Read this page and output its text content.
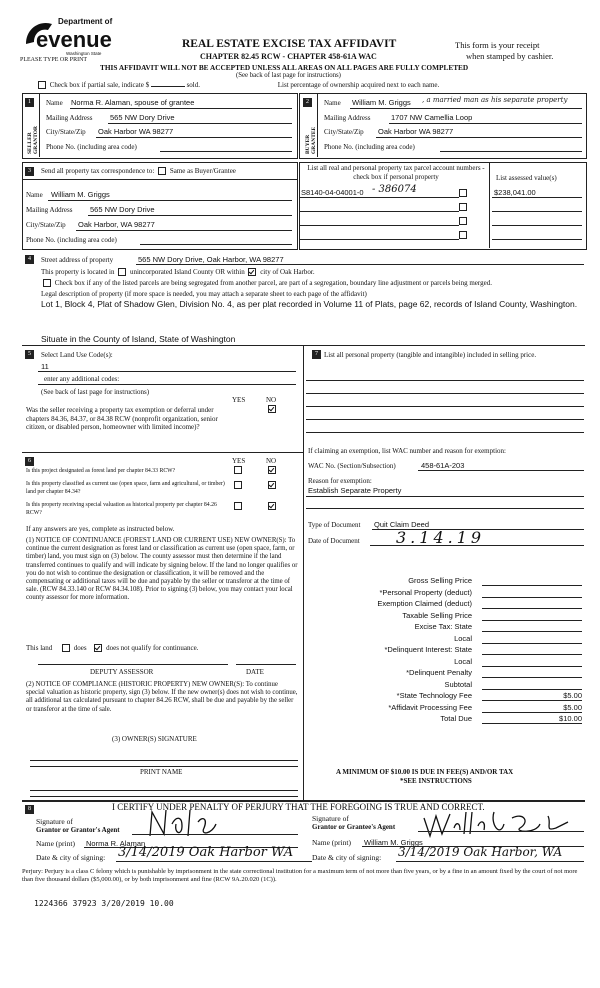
Department of
evenue
Washington State
PLEASE TYPE OR PRINT
REAL ESTATE EXCISE TAX AFFIDAVIT
CHAPTER 82.45 RCW - CHAPTER 458-61A WAC
This form is your receipt
when stamped by cashier.
THIS AFFIDAVIT WILL NOT BE ACCEPTED UNLESS ALL AREAS ON ALL PAGES ARE FULLY COMPLETED
(See back of last page for instructions)
Check box if partial sale, indicate $	sold.	List percentage of ownership acquired next to each name.
1
SELLER GRANTOR
Name Norma R. Alaman, spouse of grantee
Mailing Address 565 NW Dory Drive
City/State/Zip Oak Harbor WA 98277
Phone No. (including area code)
2
BUYER GRANTEE
Name William M. Griggs , a married man as his separate property
Mailing Address	1707 NW Camellia Loop
City/State/Zip Oak Harbor WA 98277
Phone No. (including area code)
3	Send all property tax correspondence to: Same as Buyer/Grantee
Name William M. Griggs
Mailing Address 565 NW Dory Drive
City/State/Zip Oak Harbor, WA 98277
Phone No. (including area code)
List all real and personal property tax parcel account numbers - check box if personal property	List assessed value(s)
S8140-04-04001-0 - 386074	$238,041.00
4	Street address of property	565 NW Dory Drive, Oak Harbor, WA 98277
This property is located in unincorporated Island County OR within city of Oak Harbor.
Check box if any of the listed parcels are being segregated from another parcel, are part of a segregation, boundary line adjustment or parcels being merged.
Legal description of property (if more space is needed, you may attach a separate sheet to each page of the affidavit)
Lot 1, Block 4, Plat of Shadow Glen, Division No. 4, as per plat recorded in Volume 11 of Plats, page 62, records of Island County, Washington.
Situate in the County of Island, State of Washington
5	Select Land Use Code(s):
11
enter any additional codes:
(See back of last page for instructions)
YES	NO
Was the seller receiving a property tax exemption or deferral under chapters 84.36, 84.37, or 84.38 RCW (nonprofit organization, senior citizen, or disabled person, homeowner with limited income)?
6	YES	NO
Is this project designated as forest land per chapter 84.33 RCW?
Is this property classified as current use (open space, farm and agricultural, or timber) land per chapter 84.34?
Is this property receiving special valuation as historical property per chapter 84.26 RCW?
If any answers are yes, complete as instructed below.
(1) NOTICE OF CONTINUANCE (FOREST LAND OR CURRENT USE) NEW OWNER(S): To continue the current designation as forest land or classification as current use (open space, farm, or timber) land, you must sign on (3) below. The county assessor must then determine if the land transferred continues to qualify and will indicate by signing below. If the land no longer qualifies or you do not wish to continue the designation or classification, it will be removed and the compensating or additional taxes will be due and payable by the seller or transferor at the time of sale. (RCW 84.33.140 or RCW 84.34.108). Prior to signing (3) below, you may contact your local county assessor for more information.
This land	does	does not qualify for continuance.
DEPUTY ASSESSOR	DATE
(2) NOTICE OF COMPLIANCE (HISTORIC PROPERTY) NEW OWNER(S): To continue special valuation as historic property, sign (3) below. If the new owner(s) does not wish to continue, all additional tax calculated pursuant to chapter 84.26 RCW, shall be due and payable by the seller or transferor at the time of sale.
(3) OWNER(S) SIGNATURE
PRINT NAME
7 List all personal property (tangible and intangible) included in selling price.
If claiming an exemption, list WAC number and reason for exemption:
WAC No. (Section/Subsection)	458-61A-203
Reason for exemption:
Establish Separate Property
Type of Document Quit Claim Deed
Date of Document 3.14.19
Gross Selling Price
*Personal Property (deduct)
Exemption Claimed (deduct)
Taxable Selling Price
Excise Tax: State
Local
*Delinquent Interest: State
Local
*Delinquent Penalty
Subtotal
*State Technology Fee	$5.00
*Affidavit Processing Fee	$5.00
Total Due	$10.00
A MINIMUM OF $10.00 IS DUE IN FEE(S) AND/OR TAX
*SEE INSTRUCTIONS
8	I CERTIFY UNDER PENALTY OF PERJURY THAT THE FOREGOING IS TRUE AND CORRECT.
Signature of
Grantor or Grantor's Agent
Name (print) Norma R. Alaman
Date & city of signing: 3/14/2019 Oak Harbor WA
Signature of
Grantor or Grantee's Agent
Name (print) William M. Griggs
Date & city of signing: 3/14/2019 Oak Harbor, WA
Perjury: Perjury is a class C felony which is punishable by imprisonment in the state correctional institution for a maximum term of not more than five years, or by a fine in an amount fixed by the court of not more than five thousand dollars ($5,000.00), or by both imprisonment and fine (RCW 9A.20.020 (1C)).
1224366 37923 3/20/2019 10.00
